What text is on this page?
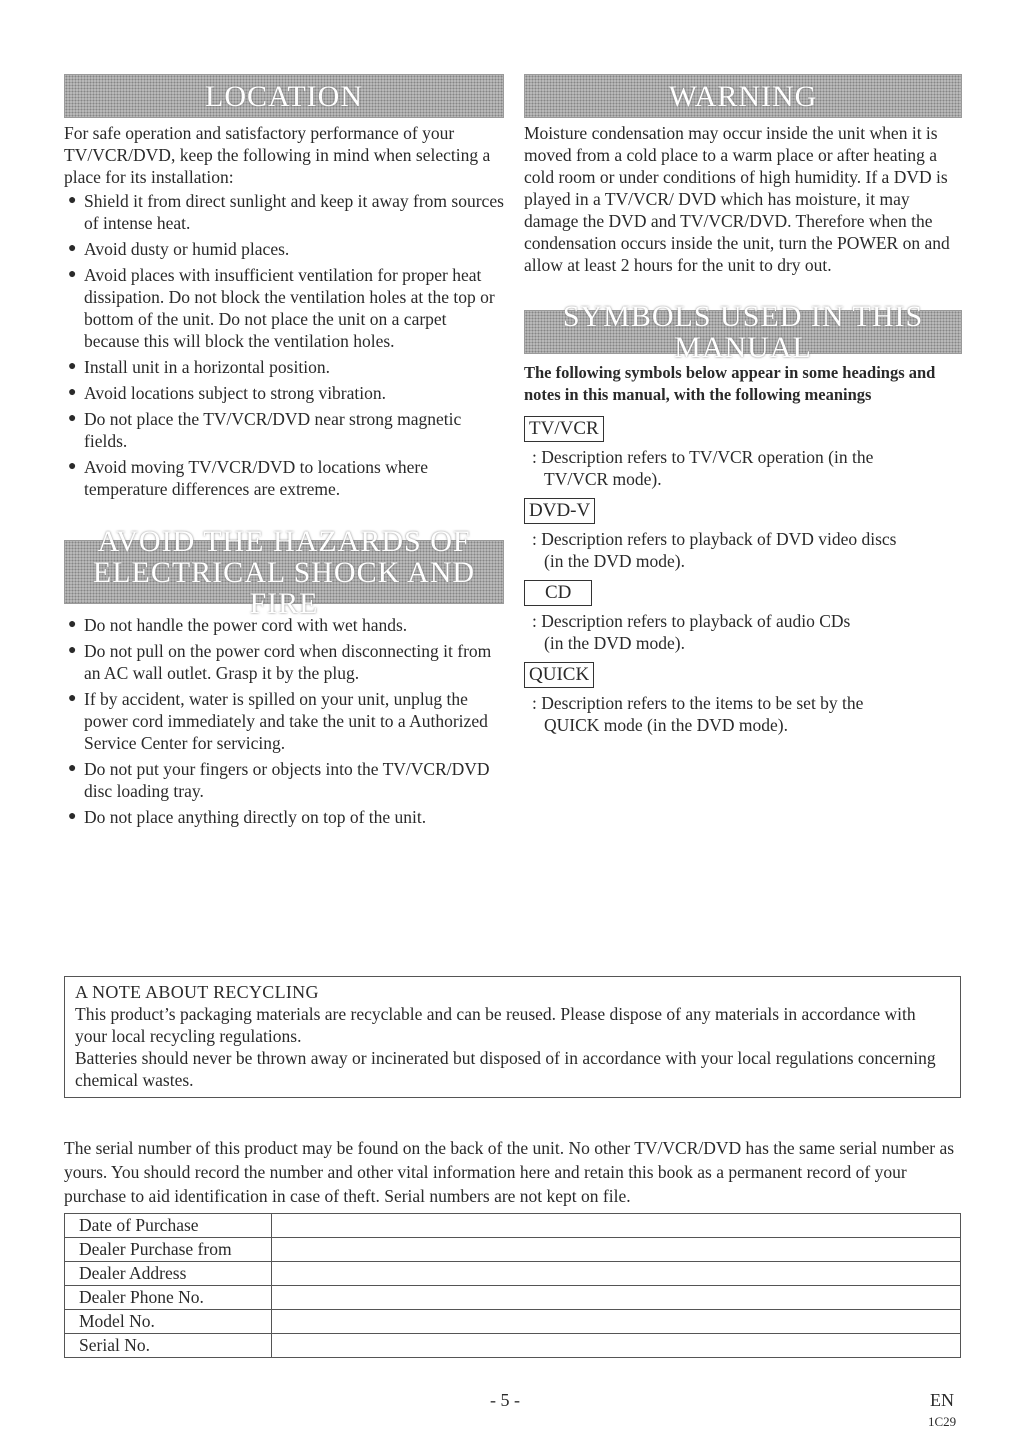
LOCATION

For safe operation and satisfactory performance of your TV/VCR/DVD, keep the following in mind when selecting a place for its installation:

● Shield it from direct sunlight and keep it away from sources of intense heat.
● Avoid dusty or humid places.
● Avoid places with insufficient ventilation for proper heat dissipation. Do not block the ventilation holes at the top or bottom of the unit. Do not place the unit on a carpet because this will block the ventilation holes.
● Install unit in a horizontal position.
● Avoid locations subject to strong vibration.
● Do not place the TV/VCR/DVD near strong magnetic fields.
● Avoid moving TV/VCR/DVD to locations where temperature differences are extreme.
AVOID THE HAZARDS OF
ELECTRICAL SHOCK AND FIRE
● Do not handle the power cord with wet hands.
● Do not pull on the power cord when disconnecting it from an AC wall outlet. Grasp it by the plug.
● If by accident, water is spilled on your unit, unplug the power cord immediately and take the unit to a Authorized Service Center for servicing.
● Do not put your fingers or objects into the TV/VCR/DVD disc loading tray.
● Do not place anything directly on top of the unit.
WARNING

Moisture condensation may occur inside the unit when it is moved from a cold place to a warm place or after heating a cold room or under conditions of high humidity. If a DVD is played in a TV/VCR/ DVD which has moisture, it may damage the DVD and TV/VCR/DVD. Therefore when the condensation occurs inside the unit, turn the POWER on and allow at least 2 hours for the unit to dry out.

SYMBOLS USED IN THIS MANUAL

The following symbols below appear in some headings and notes in this manual, with the following meanings

TV/VCR
: Description refers to TV/VCR operation (in the
TV/VCR mode).
DVD-V
: Description refers to playback of DVD video discs
(in the DVD mode).
CD
: Description refers to playback of audio CDs
(in the DVD mode).
QUICK
: Description refers to the items to be set by the
QUICK mode (in the DVD mode).

A NOTE ABOUT RECYCLING

This product’s packaging materials are recyclable and can be reused. Please dispose of any materials in accordance with your local recycling regulations.

Batteries should never be thrown away or incinerated but disposed of in accordance with your local regulations concerning chemical wastes.

The serial number of this product may be found on the back of the unit. No other TV/VCR/DVD has the same serial number as yours. You should record the number and other vital information here and retain this book as a permanent record of your purchase to aid identification in case of theft. Serial numbers are not kept on file.

Date of Purchase	
Dealer Purchase from	
Dealer Address	
Dealer Phone No.	
Model No.	
Serial No.	
- 5 -	EN
1C29
